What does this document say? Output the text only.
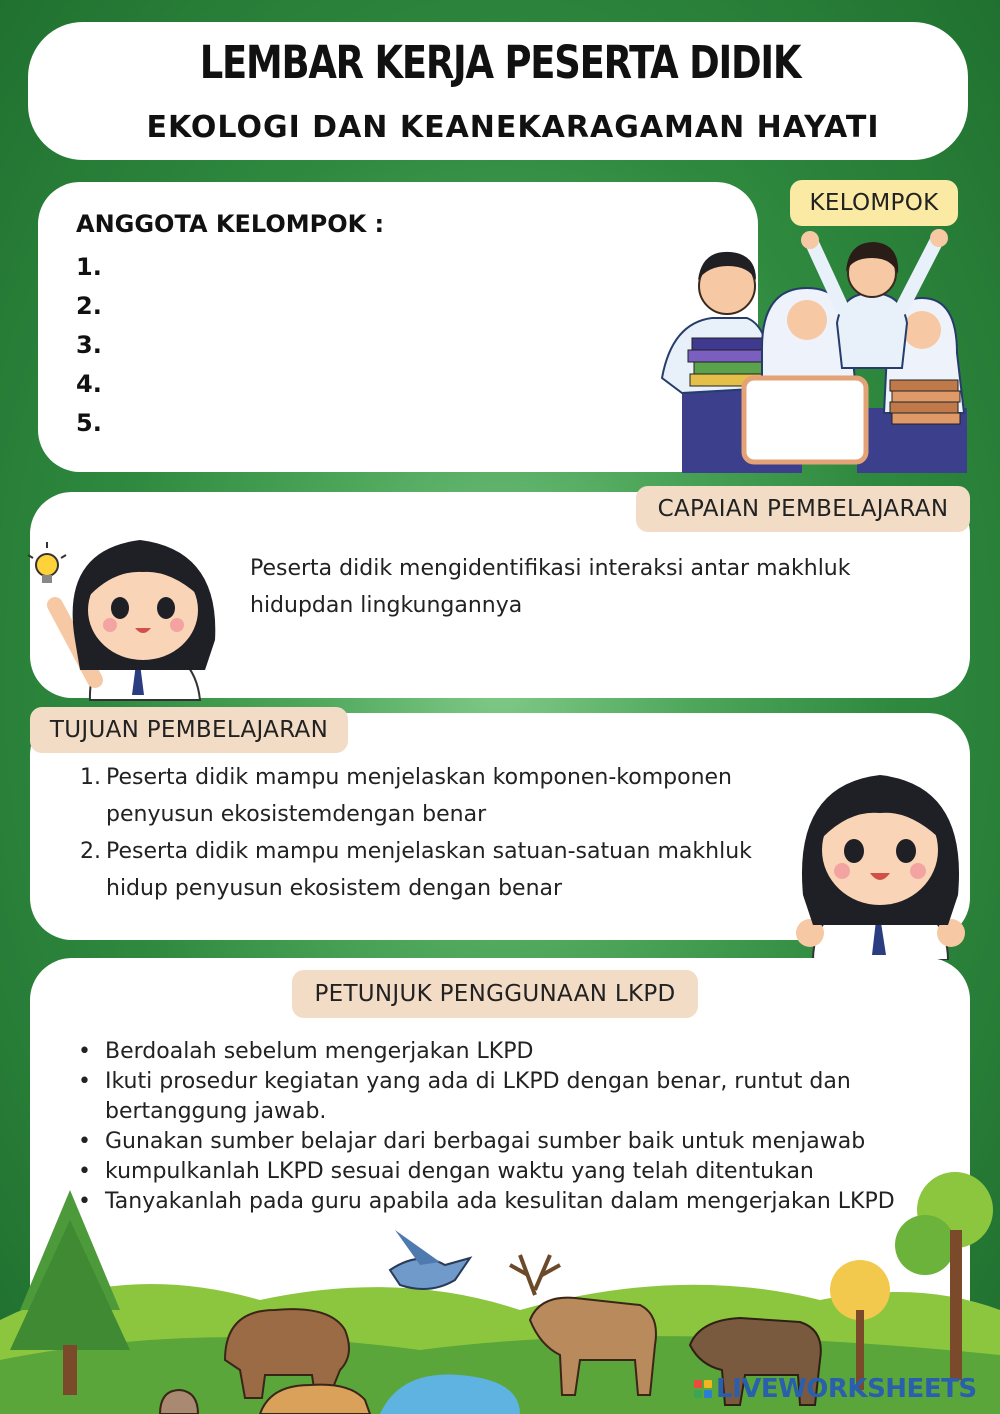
LEMBAR KERJA PESERTA DIDIK
EKOLOGI DAN KEANEKARAGAMAN HAYATI
ANGGOTA KELOMPOK :
1.
2.
3.
4.
5.
KELOMPOK
CAPAIAN PEMBELAJARAN
Peserta didik mengidentifikasi interaksi antar makhluk hidupdan lingkungannya
TUJUAN PEMBELAJARAN
1. Peserta didik mampu menjelaskan komponen-komponen penyusun ekosistemdengan benar
2. Peserta didik mampu menjelaskan satuan-satuan makhluk hidup penyusun ekosistem dengan benar
PETUNJUK PENGGUNAAN LKPD
• Berdoalah sebelum mengerjakan LKPD
• Ikuti prosedur kegiatan yang ada di LKPD dengan benar, runtut dan bertanggung jawab.
• Gunakan sumber belajar dari berbagai sumber baik untuk menjawab
• kumpulkanlah LKPD sesuai dengan waktu yang telah ditentukan
• Tanyakanlah pada guru apabila ada kesulitan dalam mengerjakan LKPD
LIVEWORKSHEETS
